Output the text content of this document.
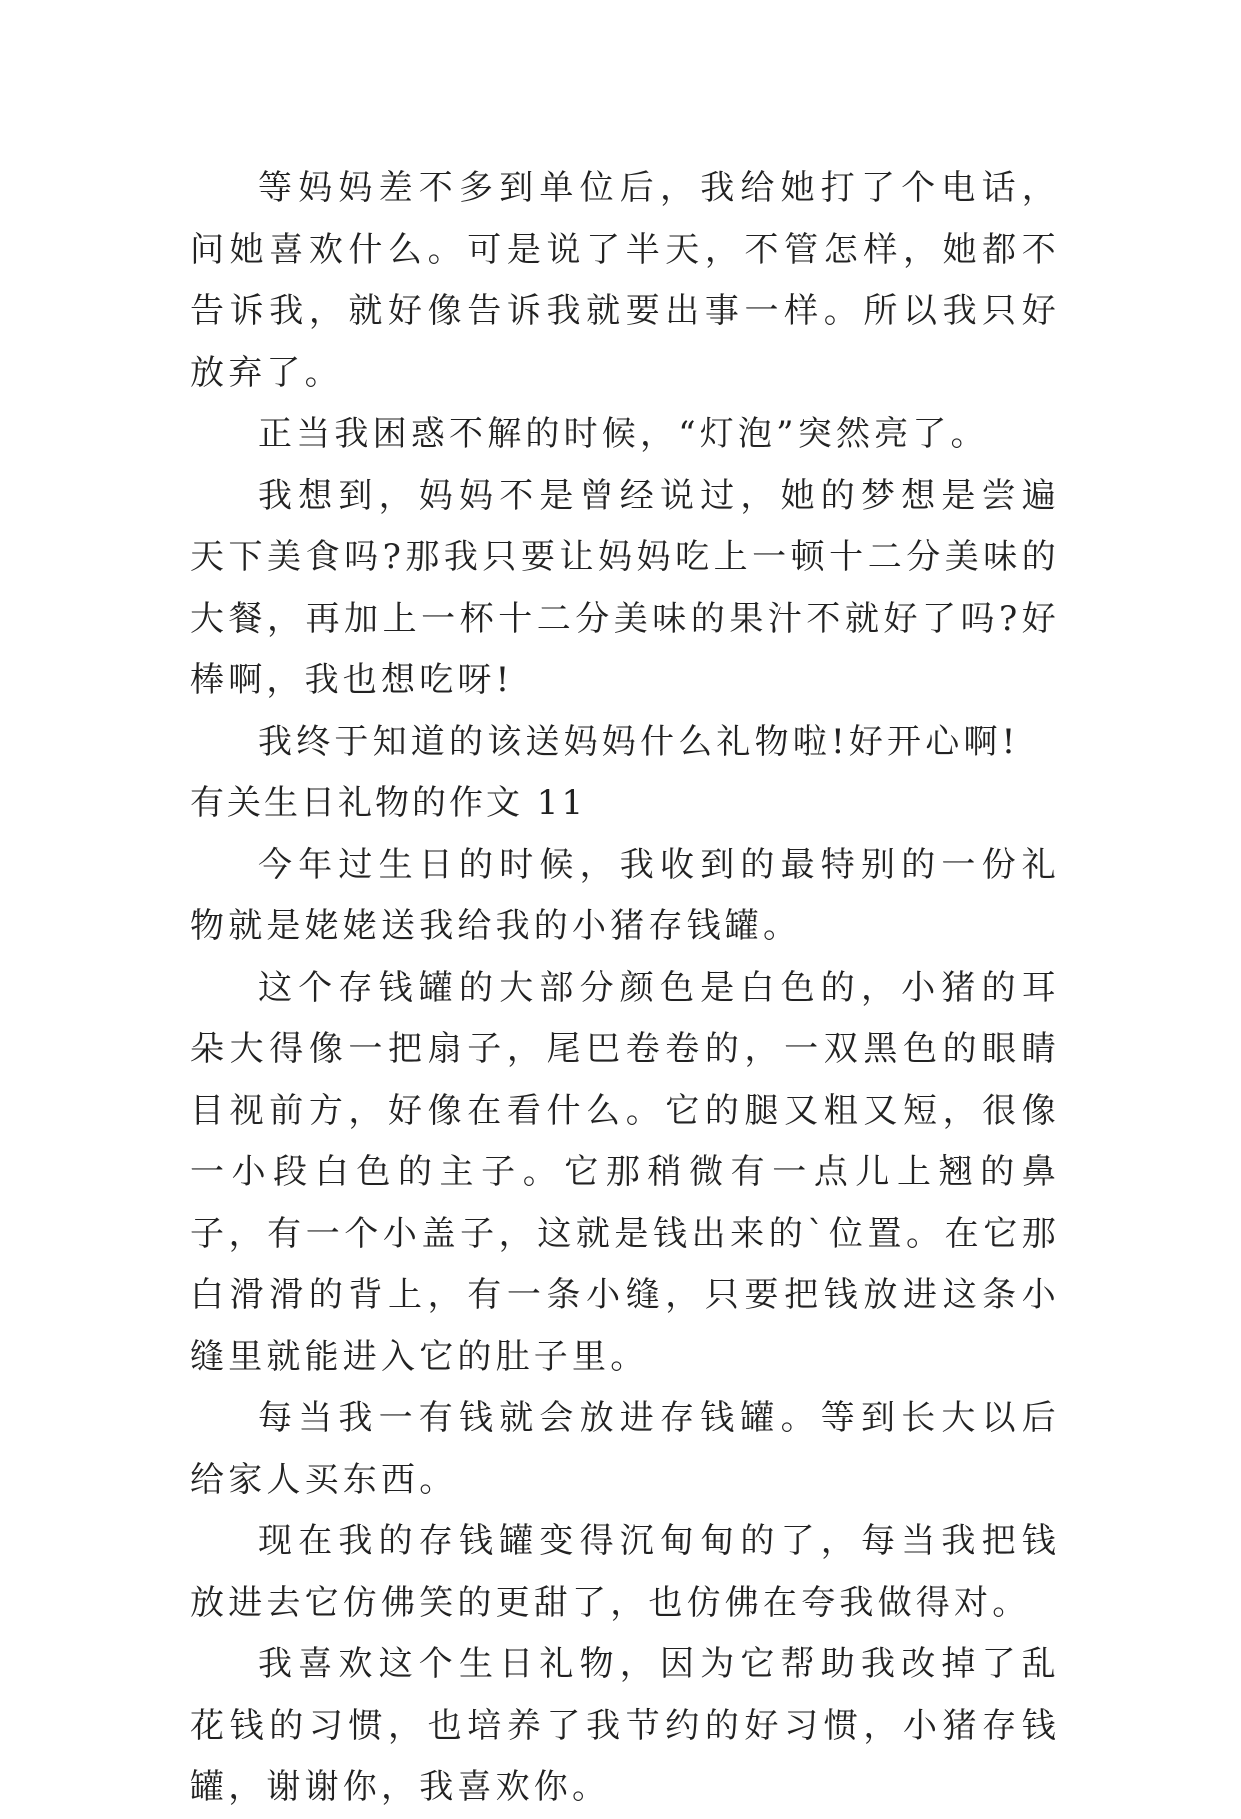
等妈妈差不多到单位后，我给她打了个电话，问她喜欢什么。可是说了半天，不管怎样，她都不告诉我，就好像告诉我就要出事一样。所以我只好放弃了。

正当我困惑不解的时候，“灯泡”突然亮了。

我想到，妈妈不是曾经说过，她的梦想是尝遍天下美食吗?那我只要让妈妈吃上一顿十二分美味的大餐，再加上一杯十二分美味的果汁不就好了吗?好棒啊，我也想吃呀!

我终于知道的该送妈妈什么礼物啦!好开心啊!

有关生日礼物的作文 11

今年过生日的时候，我收到的最特别的一份礼物就是姥姥送我给我的小猪存钱罐。

这个存钱罐的大部分颜色是白色的，小猪的耳朵大得像一把扇子，尾巴卷卷的，一双黑色的眼睛目视前方，好像在看什么。它的腿又粗又短，很像一小段白色的主子。它那稍微有一点儿上翘的鼻子，有一个小盖子，这就是钱出来的`位置。在它那白滑滑的背上，有一条小缝，只要把钱放进这条小缝里就能进入它的肚子里。

每当我一有钱就会放进存钱罐。等到长大以后给家人买东西。

现在我的存钱罐变得沉甸甸的了，每当我把钱放进去它仿佛笑的更甜了，也仿佛在夸我做得对。

我喜欢这个生日礼物，因为它帮助我改掉了乱花钱的习惯，也培养了我节约的好习惯，小猪存钱罐，谢谢你，我喜欢你。
